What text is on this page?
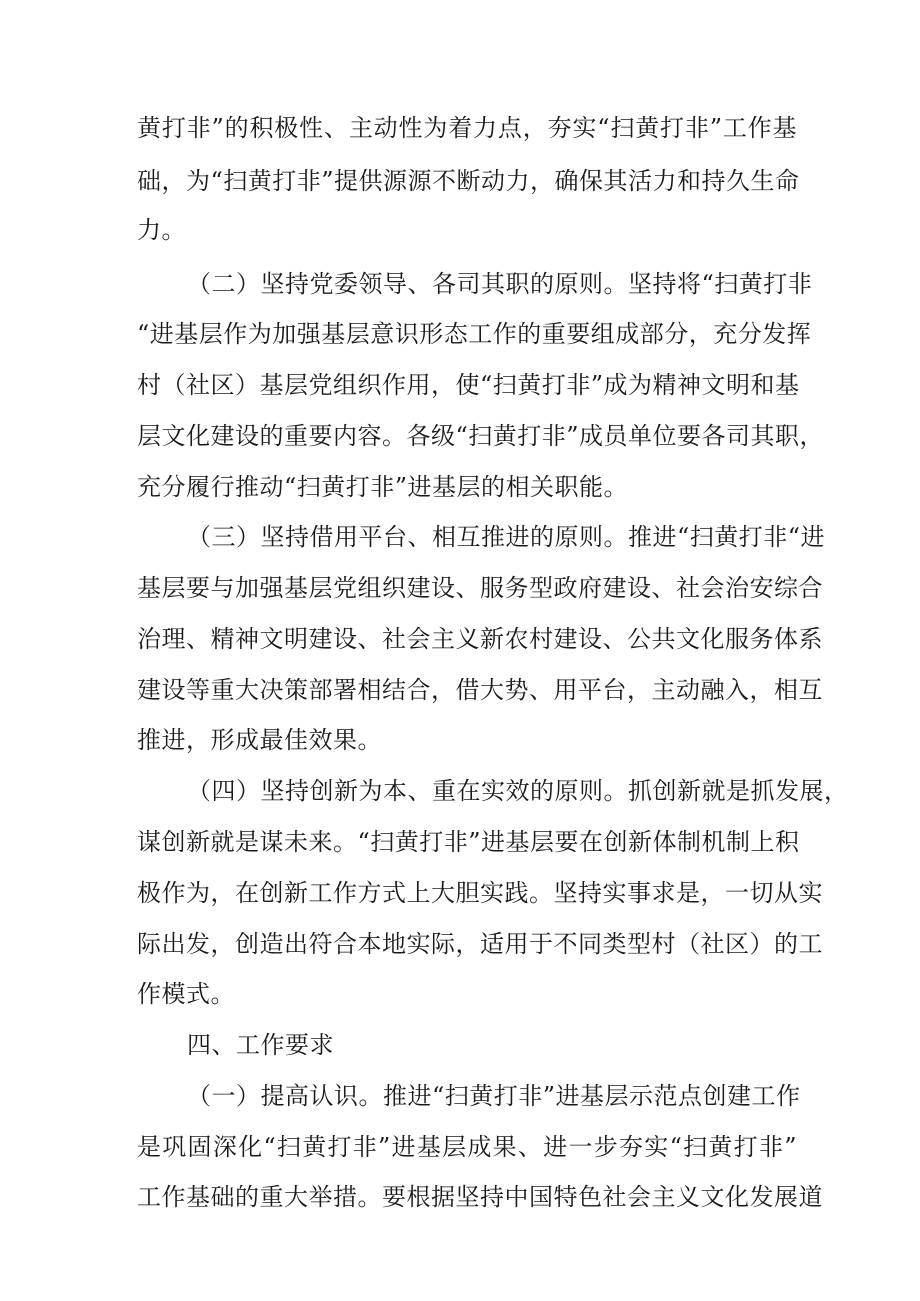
黄打非”的积极性、主动性为着力点，夯实“扫黄打非”工作基
础，为“扫黄打非”提供源源不断动力，确保其活力和持久生命
力。
（二）坚持党委领导、各司其职的原则。坚持将“扫黄打非
“进基层作为加强基层意识形态工作的重要组成部分，充分发挥
村（社区）基层党组织作用，使“扫黄打非”成为精神文明和基
层文化建设的重要内容。各级“扫黄打非”成员单位要各司其职，
充分履行推动“扫黄打非”进基层的相关职能。
（三）坚持借用平台、相互推进的原则。推进“扫黄打非“进
基层要与加强基层党组织建设、服务型政府建设、社会治安综合
治理、精神文明建设、社会主义新农村建设、公共文化服务体系
建设等重大决策部署相结合，借大势、用平台，主动融入，相互
推进，形成最佳效果。
（四）坚持创新为本、重在实效的原则。抓创新就是抓发展，
谋创新就是谋未来。“扫黄打非”进基层要在创新体制机制上积
极作为，在创新工作方式上大胆实践。坚持实事求是，一切从实
际出发，创造出符合本地实际，适用于不同类型村（社区）的工
作模式。
四、工作要求
（一）提高认识。推进“扫黄打非”进基层示范点创建工作
是巩固深化“扫黄打非”进基层成果、进一步夯实“扫黄打非”
工作基础的重大举措。要根据坚持中国特色社会主义文化发展道
